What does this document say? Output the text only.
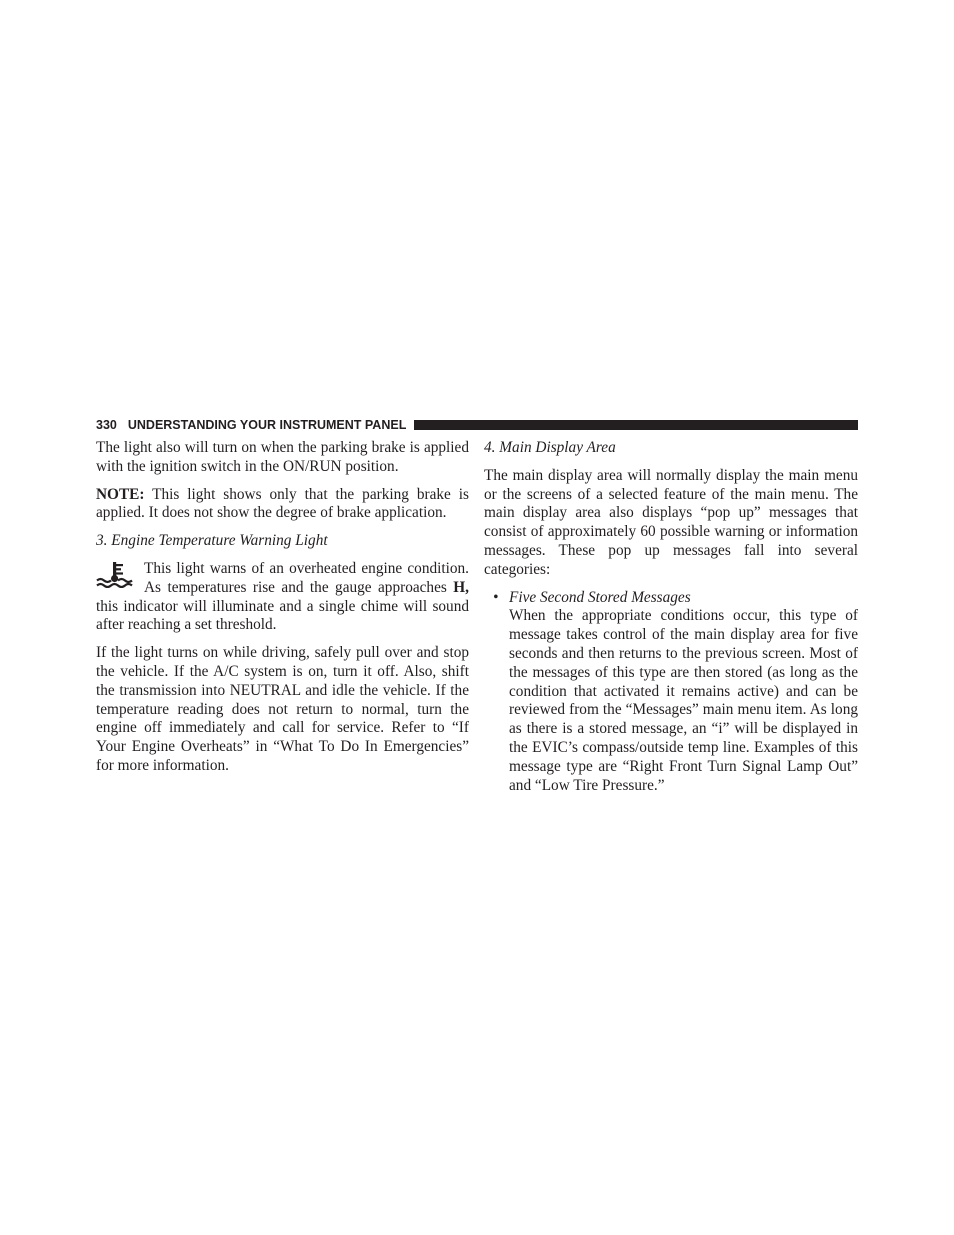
330 UNDERSTANDING YOUR INSTRUMENT PANEL

The light also will turn on when the parking brake is applied with the ignition switch in the ON/RUN position.

NOTE: This light shows only that the parking brake is applied. It does not show the degree of brake application.

3. Engine Temperature Warning Light

This light warns of an overheated engine condition. As temperatures rise and the gauge approaches H, this indicator will illuminate and a single chime will sound after reaching a set threshold.

If the light turns on while driving, safely pull over and stop the vehicle. If the A/C system is on, turn it off. Also, shift the transmission into NEUTRAL and idle the vehicle. If the temperature reading does not return to normal, turn the engine off immediately and call for service. Refer to “If Your Engine Overheats” in “What To Do In Emergencies” for more information.

4. Main Display Area

The main display area will normally display the main menu or the screens of a selected feature of the main menu. The main display area also displays “pop up” messages that consist of approximately 60 possible warning or information messages. These pop up messages fall into several categories:

• Five Second Stored Messages

When the appropriate conditions occur, this type of message takes control of the main display area for five seconds and then returns to the previous screen. Most of the messages of this type are then stored (as long as the condition that activated it remains active) and can be reviewed from the “Messages” main menu item. As long as there is a stored message, an “i” will be displayed in the EVIC’s compass/outside temp line. Examples of this message type are “Right Front Turn Signal Lamp Out” and “Low Tire Pressure.”
